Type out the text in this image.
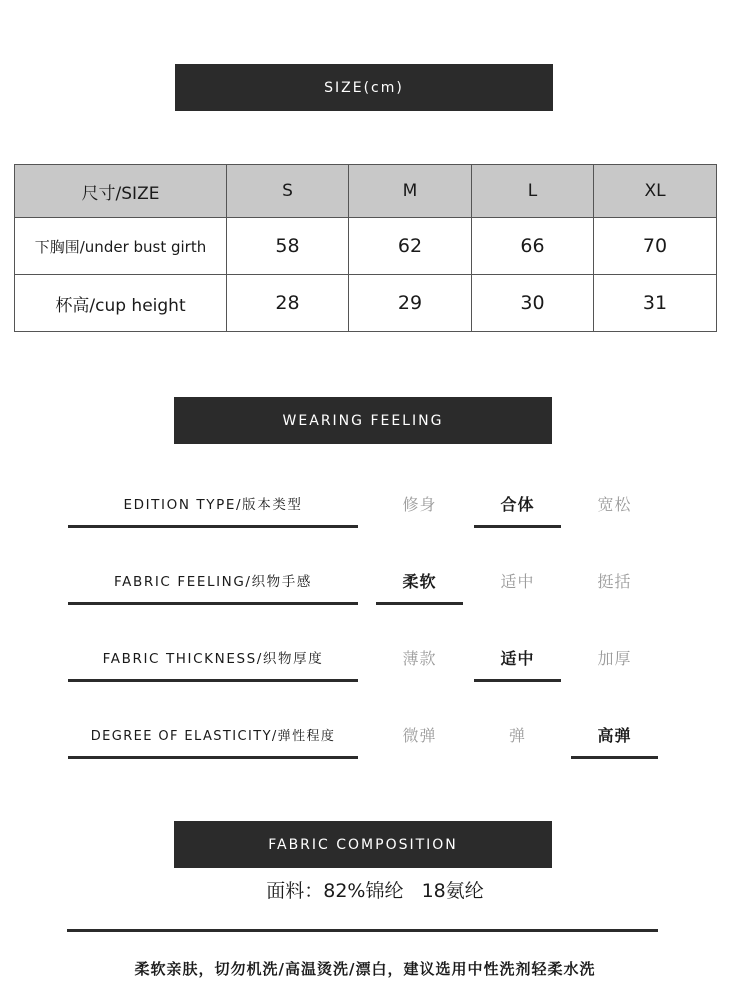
SIZE(cm)
尺寸/SIZE	S	M	L	XL
下胸围/under bust girth	58	62	66	70
杯高/cup height	28	29	30	31
WEARING FEELING
EDITION TYPE/版本类型	修身	合体	宽松
FABRIC FEELING/织物手感	柔软	适中	挺括
FABRIC THICKNESS/织物厚度	薄款	适中	加厚
DEGREE OF ELASTICITY/弹性程度	微弹	弹	高弹
FABRIC COMPOSITION
面料：82%锦纶   18氨纶
柔软亲肤，切勿机洗/高温烫洗/漂白，建议选用中性洗剂轻柔水洗
